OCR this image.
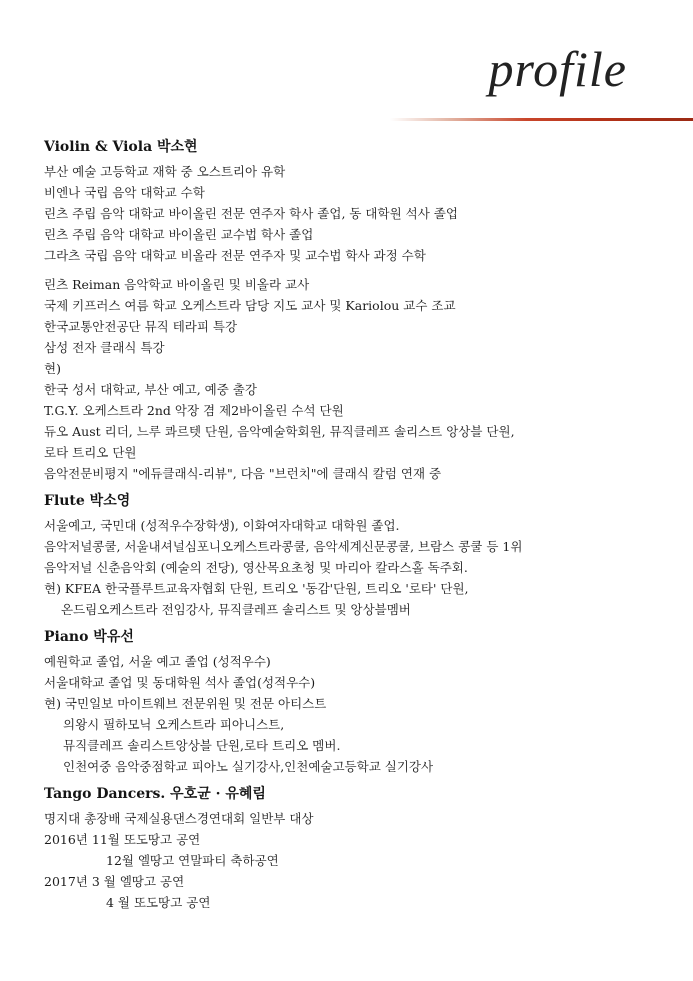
profile
Violin & Viola 박소현
부산 예술 고등학교 재학 중 오스트리아 유학
비엔나 국립 음악 대학교 수학
린츠 주립 음악 대학교 바이올린 전문 연주자 학사 졸업, 동 대학원 석사 졸업
린츠 주립 음악 대학교 바이올린 교수법 학사 졸업
그라츠 국립 음악 대학교 비올라 전문 연주자 및 교수법 학사 과정 수학
린츠 Reiman 음악학교 바이올린 및 비올라 교사
국제 키프러스 여름 학교 오케스트라 담당 지도 교사 및 Kariolou 교수 조교
한국교통안전공단 뮤직 테라피 특강
삼성 전자 클래식 특강
현)
한국 성서 대학교, 부산 예고, 예중 출강
T.G.Y. 오케스트라 2nd 악장 겸 제2바이올린 수석 단원
듀오 Aust 리더, 느루 콰르텟 단원, 음악예술학회원, 뮤직클레프 솔리스트 앙상블 단원,
로타 트리오 단원
음악전문비평지 "에듀클래식-리뷰", 다음 "브런치"에 클래식 칼럼 연재 중
Flute 박소영
서울예고, 국민대 (성적우수장학생), 이화여자대학교 대학원 졸업.
음악저널콩쿨, 서울내셔널심포니오케스트라콩쿨, 음악세계신문콩쿨, 브람스 콩쿨 등 1위
음악저널 신춘음악회 (예술의 전당), 영산목요초청 및 마리아 칼라스홀 독주회.
현) KFEA 한국플루트교육자협회 단원, 트리오 '동감'단원, 트리오 '로타' 단원,
온드림오케스트라 전임강사, 뮤직클레프 솔리스트 및 앙상블멤버
Piano 박유선
예원학교 졸업, 서울 예고 졸업 (성적우수)
서울대학교 졸업 및 동대학원 석사 졸업(성적우수)
현) 국민일보 마이트웨브 전문위원 및 전문 아티스트
의왕시 필하모닉 오케스트라 피아니스트,
뮤직클레프 솔리스트앙상블 단원,로타 트리오 멤버.
인천여중 음악중점학교 피아노 실기강사,인천예술고등학교 실기강사
Tango Dancers. 우호균 · 유혜림
명지대 총장배 국제실용댄스경연대회 일반부 대상
2016년 11월 또도땅고 공연
12월 엘땅고 연말파티 축하공연
2017년 3 월 엘땅고 공연
4 월 또도땅고 공연
